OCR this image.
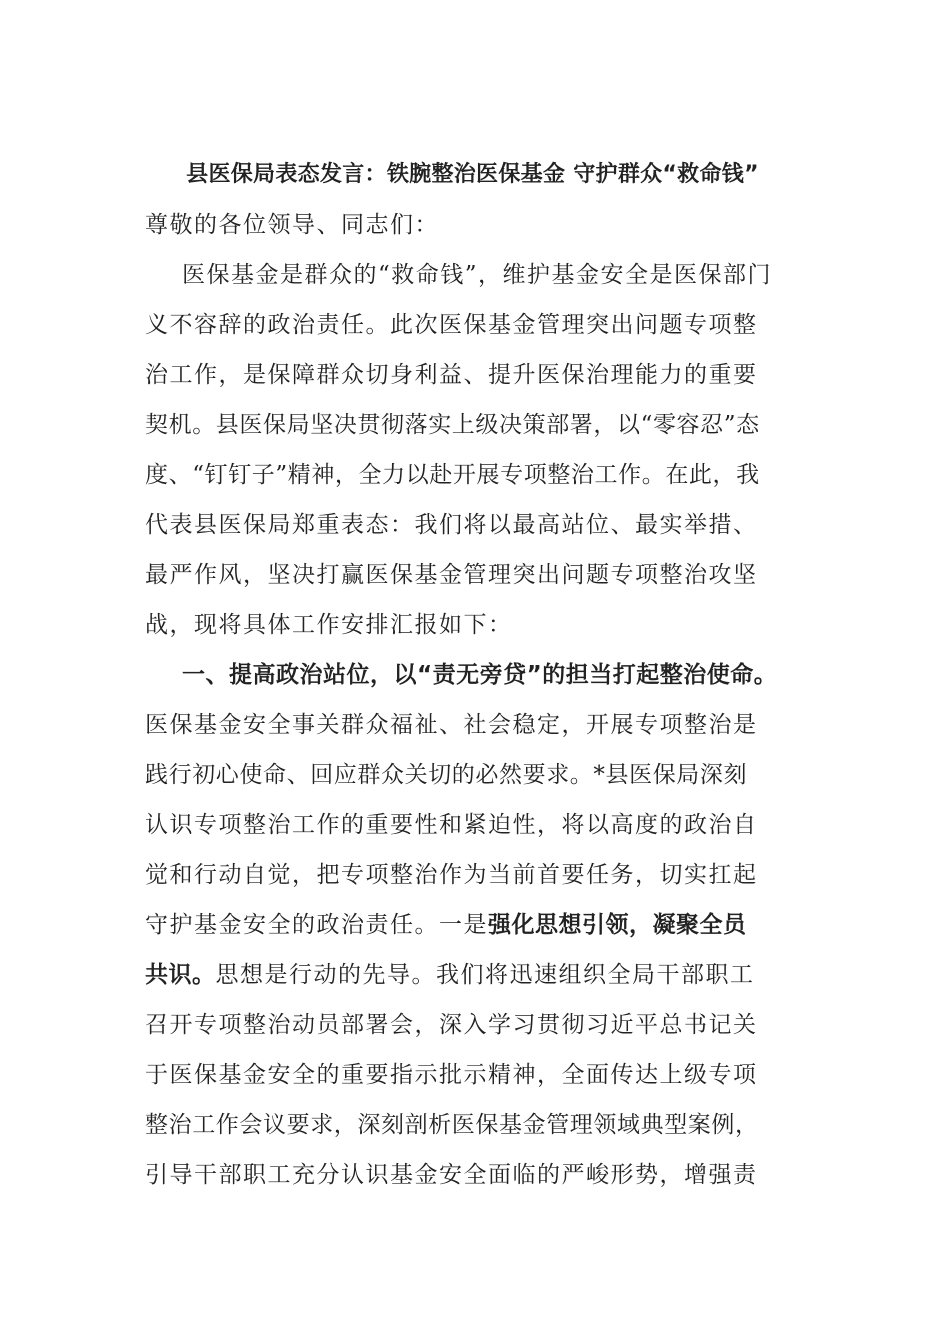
县医保局表态发言：铁腕整治医保基金 守护群众“救命钱”
尊敬的各位领导、同志们：
医保基金是群众的“救命钱”，维护基金安全是医保部门
义不容辞的政治责任。此次医保基金管理突出问题专项整
治工作，是保障群众切身利益、提升医保治理能力的重要
契机。县医保局坚决贯彻落实上级决策部署，以“零容忍”态
度、“钉钉子”精神，全力以赴开展专项整治工作。在此，我
代表县医保局郑重表态：我们将以最高站位、最实举措、
最严作风，坚决打赢医保基金管理突出问题专项整治攻坚
战，现将具体工作安排汇报如下：
一、提高政治站位，以“责无旁贷”的担当打起整治使命。
医保基金安全事关群众福祉、社会稳定，开展专项整治是
践行初心使命、回应群众关切的必然要求。*县医保局深刻
认识专项整治工作的重要性和紧迫性，将以高度的政治自
觉和行动自觉，把专项整治作为当前首要任务，切实扛起
守护基金安全的政治责任。一是强化思想引领，凝聚全员
共识。思想是行动的先导。我们将迅速组织全局干部职工
召开专项整治动员部署会，深入学习贯彻习近平总书记关
于医保基金安全的重要指示批示精神，全面传达上级专项
整治工作会议要求，深刻剖析医保基金管理领域典型案例，
引导干部职工充分认识基金安全面临的严峻形势，增强责
